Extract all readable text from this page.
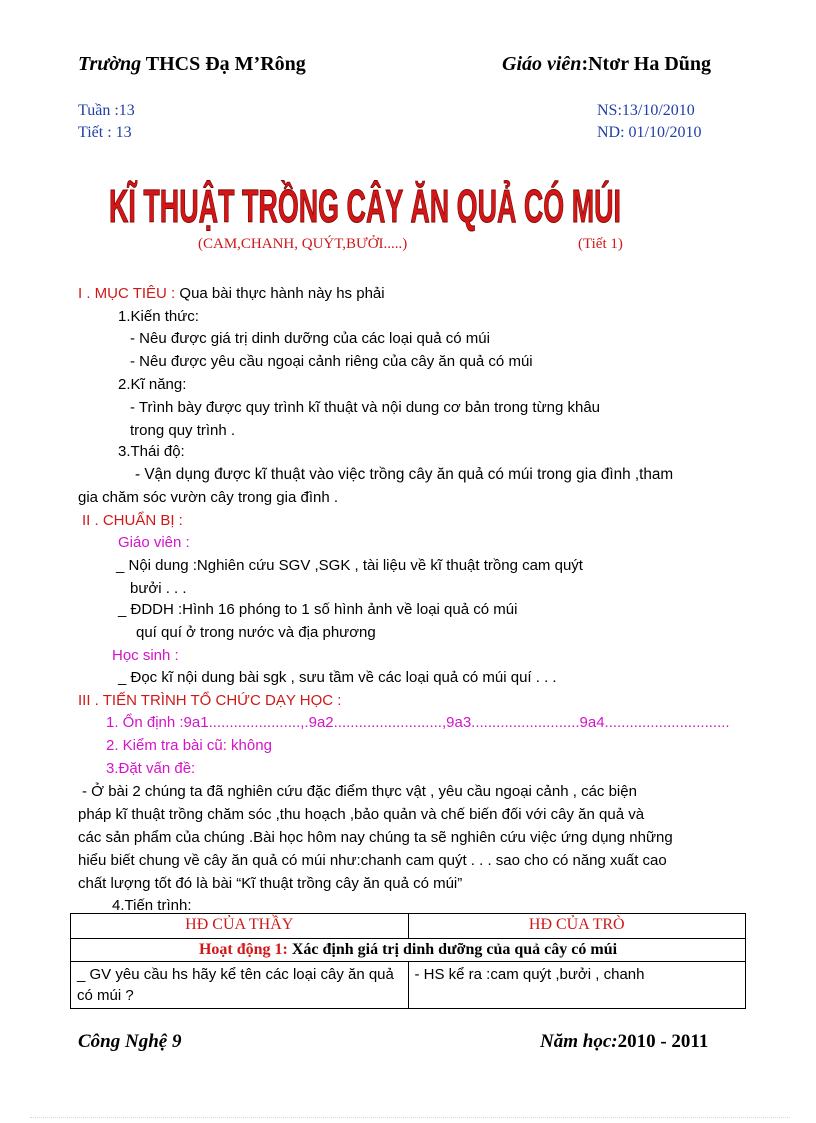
Trường THCS Đạ M’Rông	Giáo viên:Ntơr Ha Dũng
Tuần :13
Tiết : 13
NS:13/10/2010
ND: 01/10/2010
KĨ THUẬT TRỒNG CÂY ĂN QUẢ CÓ MÚI
(CAM,CHANH, QUÝT,BƯỞI.....)	(Tiết 1)
I . MỤC TIÊU : Qua bài thực hành này hs phải
1.Kiến thức:
- Nêu được giá trị dinh dưỡng của các loại quả có múi
- Nêu được yêu cầu ngoại cảnh riêng của cây ăn quả có múi
2.Kĩ năng:
- Trình bày được quy trình kĩ thuật và nội dung cơ bản trong từng khâu
trong quy trình .
3.Thái độ:
- Vận dụng được kĩ thuật vào việc trồng cây ăn quả có múi trong gia đình ,tham
gia chăm sóc vườn cây trong gia đình .
II . CHUẨN BỊ :
Giáo viên :
_ Nội dung :Nghiên cứu SGV ,SGK , tài liệu về kĩ thuật trồng cam quýt
bưởi . . .
_ ĐDDH :Hình 16 phóng to 1 số hình ảnh về loại quả có múi
quí quí ở trong nước và địa phương
Học sinh :
_ Đọc kĩ nội dung bài sgk , sưu tầm về các loại quả có múi quí . . .
III . TIẾN TRÌNH TỔ CHỨC DẠY HỌC :
1. Ổn định :9a1......................,.9a2..........................,9a3..........................9a4..............................
2. Kiểm tra bài cũ: không
3.Đặt vấn đề:
- Ở bài 2 chúng ta đã nghiên cứu đặc điểm thực vật , yêu cầu ngoại cảnh , các biện
pháp kĩ thuật trồng chăm sóc ,thu hoạch ,bảo quản và chế biến đối với cây ăn quả và
các sản phẩm của chúng .Bài học hôm nay chúng ta sẽ nghiên cứu việc ứng dụng những
hiểu biết chung về cây ăn quả có múi như:chanh cam quýt . . . sao cho có năng xuất cao
chất lượng tốt đó là bài “Kĩ thuật trồng cây ăn quả có múi”
4.Tiến trình:
HĐ CỦA THẦY	HĐ CỦA TRÒ
Hoạt động 1: Xác định giá trị dinh dưỡng của quả cây có múi	
_ GV yêu cầu hs hãy kể tên các loại cây ăn quả có múi ?	- HS kể ra :cam quýt ,bưởi , chanh
Công Nghệ 9	Năm học:2010 - 2011
